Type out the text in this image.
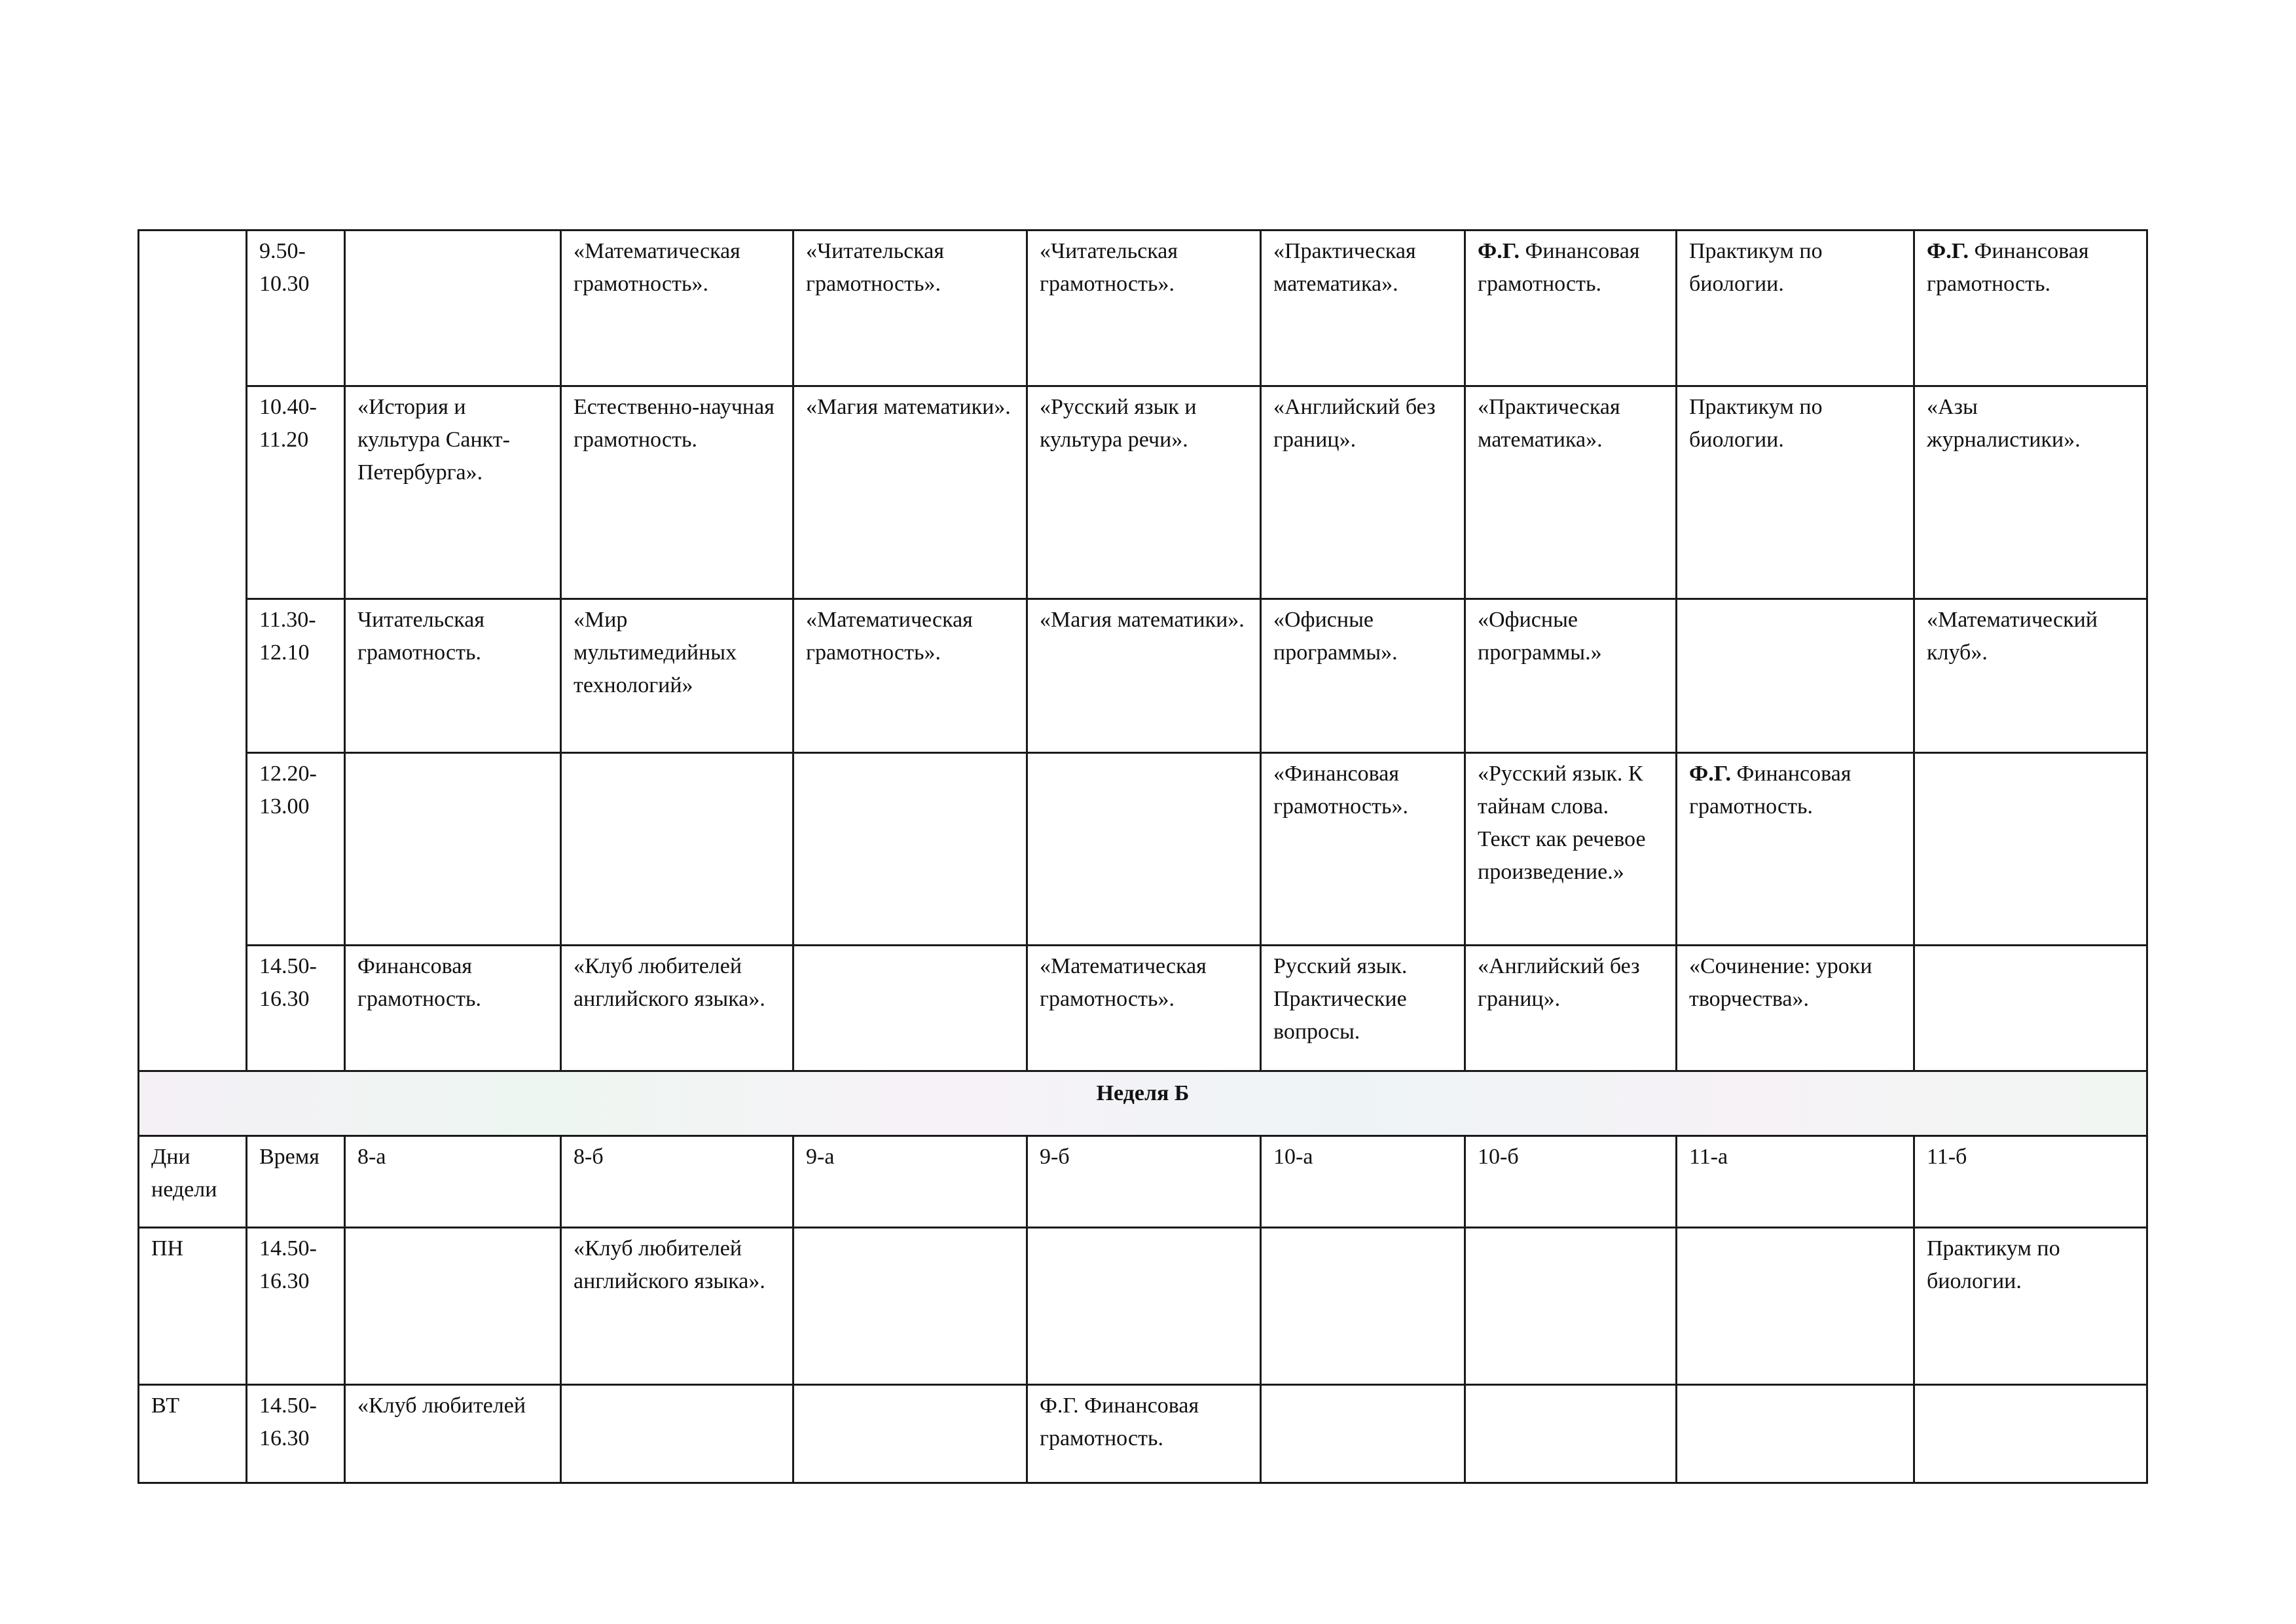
	9.50-10.30		«Математическая грамотность».	«Читательская грамотность».	«Читательская грамотность».	«Практическая математика».	Ф.Г. Финансовая грамотность.	Практикум по биологии.	Ф.Г. Финансовая грамотность.
	10.40-11.20	«История и культура Санкт-Петербурга».	Естественно-научная грамотность.	«Магия математики».	«Русский язык и культура речи».	«Английский без границ».	«Практическая математика».	Практикум по биологии.	«Азы журналистики».
	11.30-12.10	Читательская грамотность.	«Мир мультимедийных технологий»	«Математическая грамотность».	«Магия математики».	«Офисные программы».	«Офисные программы.»		«Математический клуб».
	12.20-13.00					«Финансовая грамотность».	«Русский язык. К тайнам слова. Текст как речевое произведение.»	Ф.Г. Финансовая грамотность.	
	14.50-16.30	Финансовая грамотность.	«Клуб любителей английского языка».		«Математическая грамотность».	Русский язык. Практические вопросы.	«Английский без границ».	«Сочинение: уроки творчества».	
Неделя Б									
Дни недели	Время	8-а	8-б	9-а	9-б	10-а	10-б	11-а	11-б
ПН	14.50-16.30		«Клуб любителей английского языка».						Практикум по биологии.
ВТ	14.50-16.30	«Клуб любителей			Ф.Г. Финансовая грамотность.				
